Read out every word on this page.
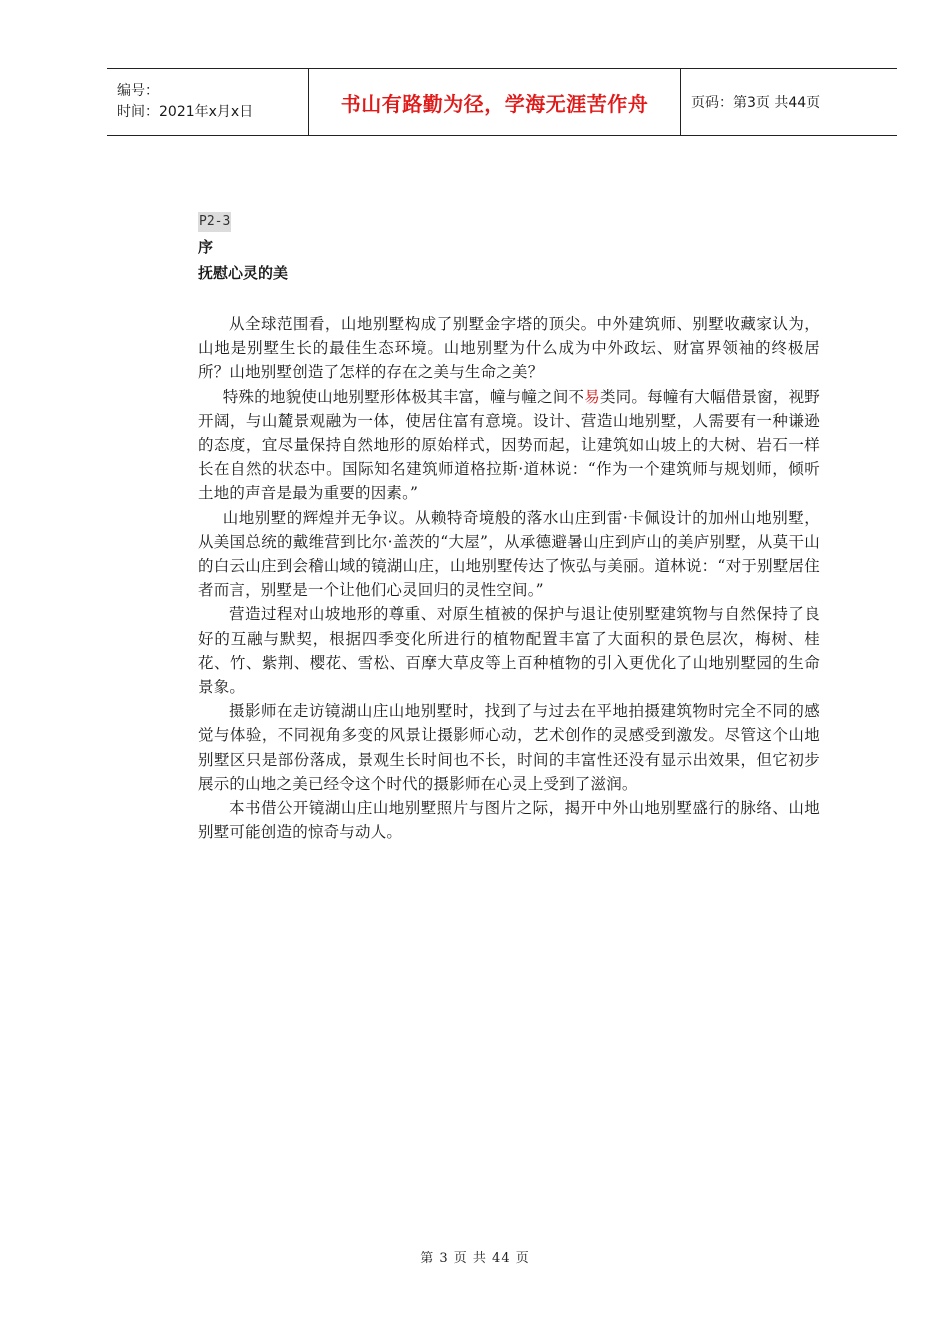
编号：
时间：2021年x月x日	书山有路勤为径，学海无涯苦作舟	页码：第3页 共44页
P2-3
序
抚慰心灵的美

从全球范围看，山地别墅构成了别墅金字塔的顶尖。中外建筑师、别墅收藏家认为，山地是别墅生长的最佳生态环境。山地别墅为什么成为中外政坛、财富界领袖的终极居所？山地别墅创造了怎样的存在之美与生命之美？

特殊的地貌使山地别墅形体极其丰富，幢与幢之间不易类同。每幢有大幅借景窗，视野开阔，与山麓景观融为一体，使居住富有意境。设计、营造山地别墅，人需要有一种谦逊的态度，宜尽量保持自然地形的原始样式，因势而起，让建筑如山坡上的大树、岩石一样长在自然的状态中。国际知名建筑师道格拉斯·道林说：“作为一个建筑师与规划师，倾听土地的声音是最为重要的因素。”

山地别墅的辉煌并无争议。从赖特奇境般的落水山庄到雷·卡佩设计的加州山地别墅，从美国总统的戴维营到比尔·盖茨的“大屋”，从承德避暑山庄到庐山的美庐别墅，从莫干山的白云山庄到会稽山域的镜湖山庄，山地别墅传达了恢弘与美丽。道林说：“对于别墅居住者而言，别墅是一个让他们心灵回归的灵性空间。”

营造过程对山坡地形的尊重、对原生植被的保护与退让使别墅建筑物与自然保持了良好的互融与默契，根据四季变化所进行的植物配置丰富了大面积的景色层次，梅树、桂花、竹、紫荆、樱花、雪松、百摩大草皮等上百种植物的引入更优化了山地别墅园的生命景象。

摄影师在走访镜湖山庄山地别墅时，找到了与过去在平地拍摄建筑物时完全不同的感觉与体验，不同视角多变的风景让摄影师心动，艺术创作的灵感受到激发。尽管这个山地别墅区只是部份落成，景观生长时间也不长，时间的丰富性还没有显示出效果，但它初步展示的山地之美已经令这个时代的摄影师在心灵上受到了滋润。

本书借公开镜湖山庄山地别墅照片与图片之际，揭开中外山地别墅盛行的脉络、山地别墅可能创造的惊奇与动人。

第 3 页 共 44 页
